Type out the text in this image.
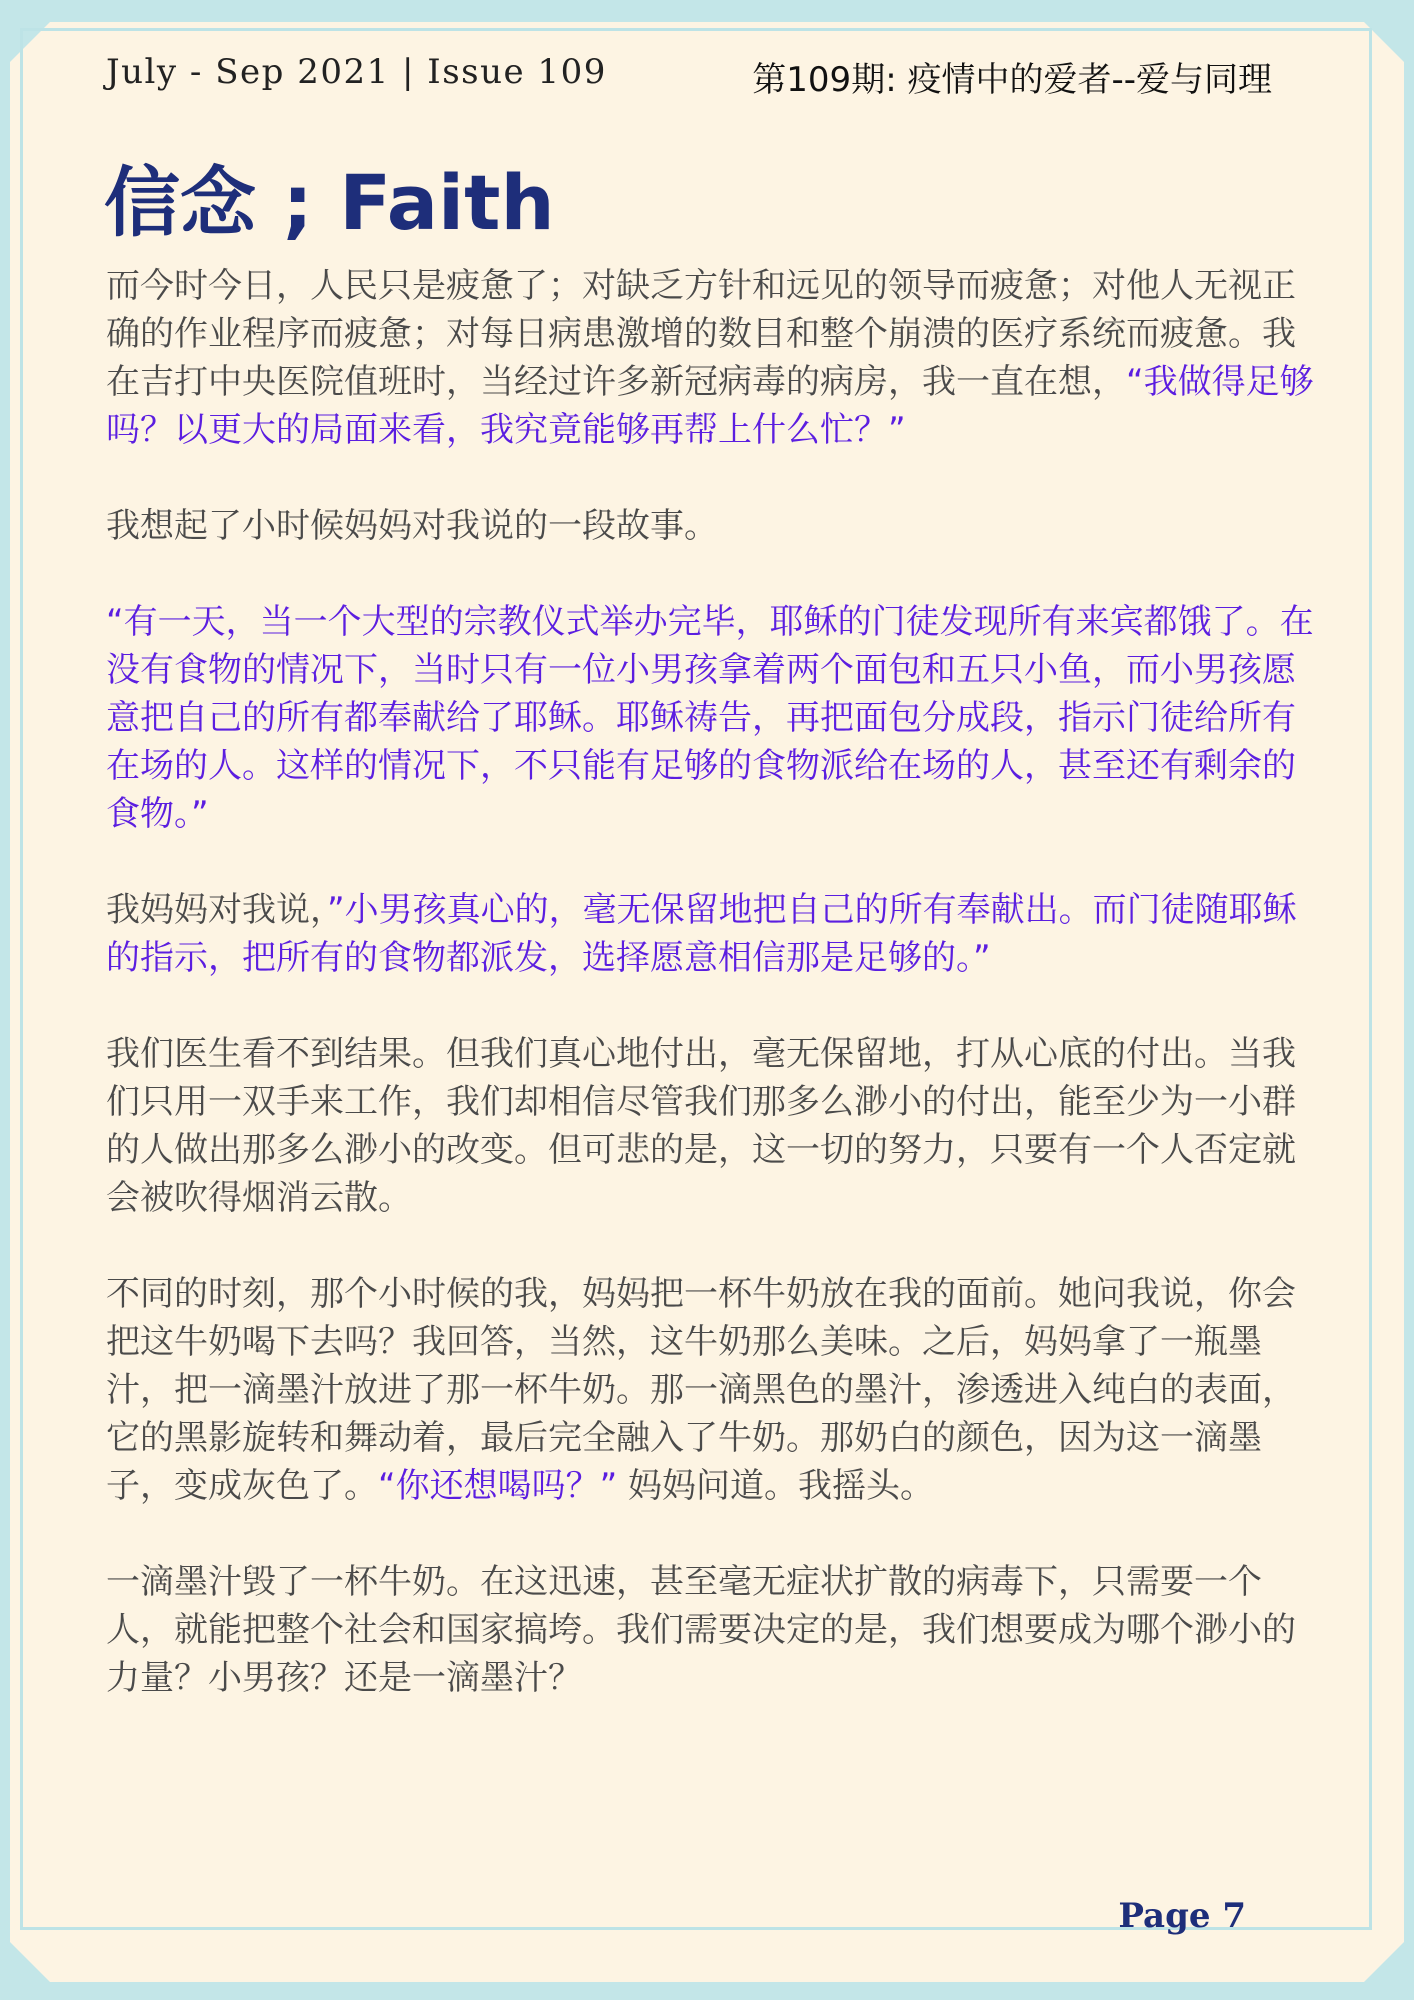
July - Sep 2021 | Issue 109	第109期: 疫情中的爱者--爱与同理
信念 ; Faith

而今时今日，人民只是疲惫了；对缺乏方针和远见的领导而疲惫；对他人无视正确的作业程序而疲惫；对每日病患激增的数目和整个崩溃的医疗系统而疲惫。我在吉打中央医院值班时，当经过许多新冠病毒的病房，我一直在想，“我做得足够吗？以更大的局面来看，我究竟能够再帮上什么忙？”

我想起了小时候妈妈对我说的一段故事。

“有一天，当一个大型的宗教仪式举办完毕，耶稣的门徒发现所有来宾都饿了。在没有食物的情况下，当时只有一位小男孩拿着两个面包和五只小鱼，而小男孩愿意把自己的所有都奉献给了耶稣。耶稣祷告，再把面包分成段，指示门徒给所有在场的人。这样的情况下，不只能有足够的食物派给在场的人，甚至还有剩余的食物。”

我妈妈对我说，”小男孩真心的，毫无保留地把自己的所有奉献出。而门徒随耶稣的指示，把所有的食物都派发，选择愿意相信那是足够的。”

我们医生看不到结果。但我们真心地付出，毫无保留地，打从心底的付出。当我们只用一双手来工作，我们却相信尽管我们那多么渺小的付出，能至少为一小群的人做出那多么渺小的改变。但可悲的是，这一切的努力，只要有一个人否定就会被吹得烟消云散。

不同的时刻，那个小时候的我，妈妈把一杯牛奶放在我的面前。她问我说，你会把这牛奶喝下去吗？我回答，当然，这牛奶那么美味。之后，妈妈拿了一瓶墨汁，把一滴墨汁放进了那一杯牛奶。那一滴黑色的墨汁，渗透进入纯白的表面，它的黑影旋转和舞动着，最后完全融入了牛奶。那奶白的颜色，因为这一滴墨子，变成灰色了。“你还想喝吗？” 妈妈问道。我摇头。

一滴墨汁毁了一杯牛奶。在这迅速，甚至毫无症状扩散的病毒下，只需要一个人，就能把整个社会和国家搞垮。我们需要决定的是，我们想要成为哪个渺小的力量？小男孩？还是一滴墨汁？

Page 7
